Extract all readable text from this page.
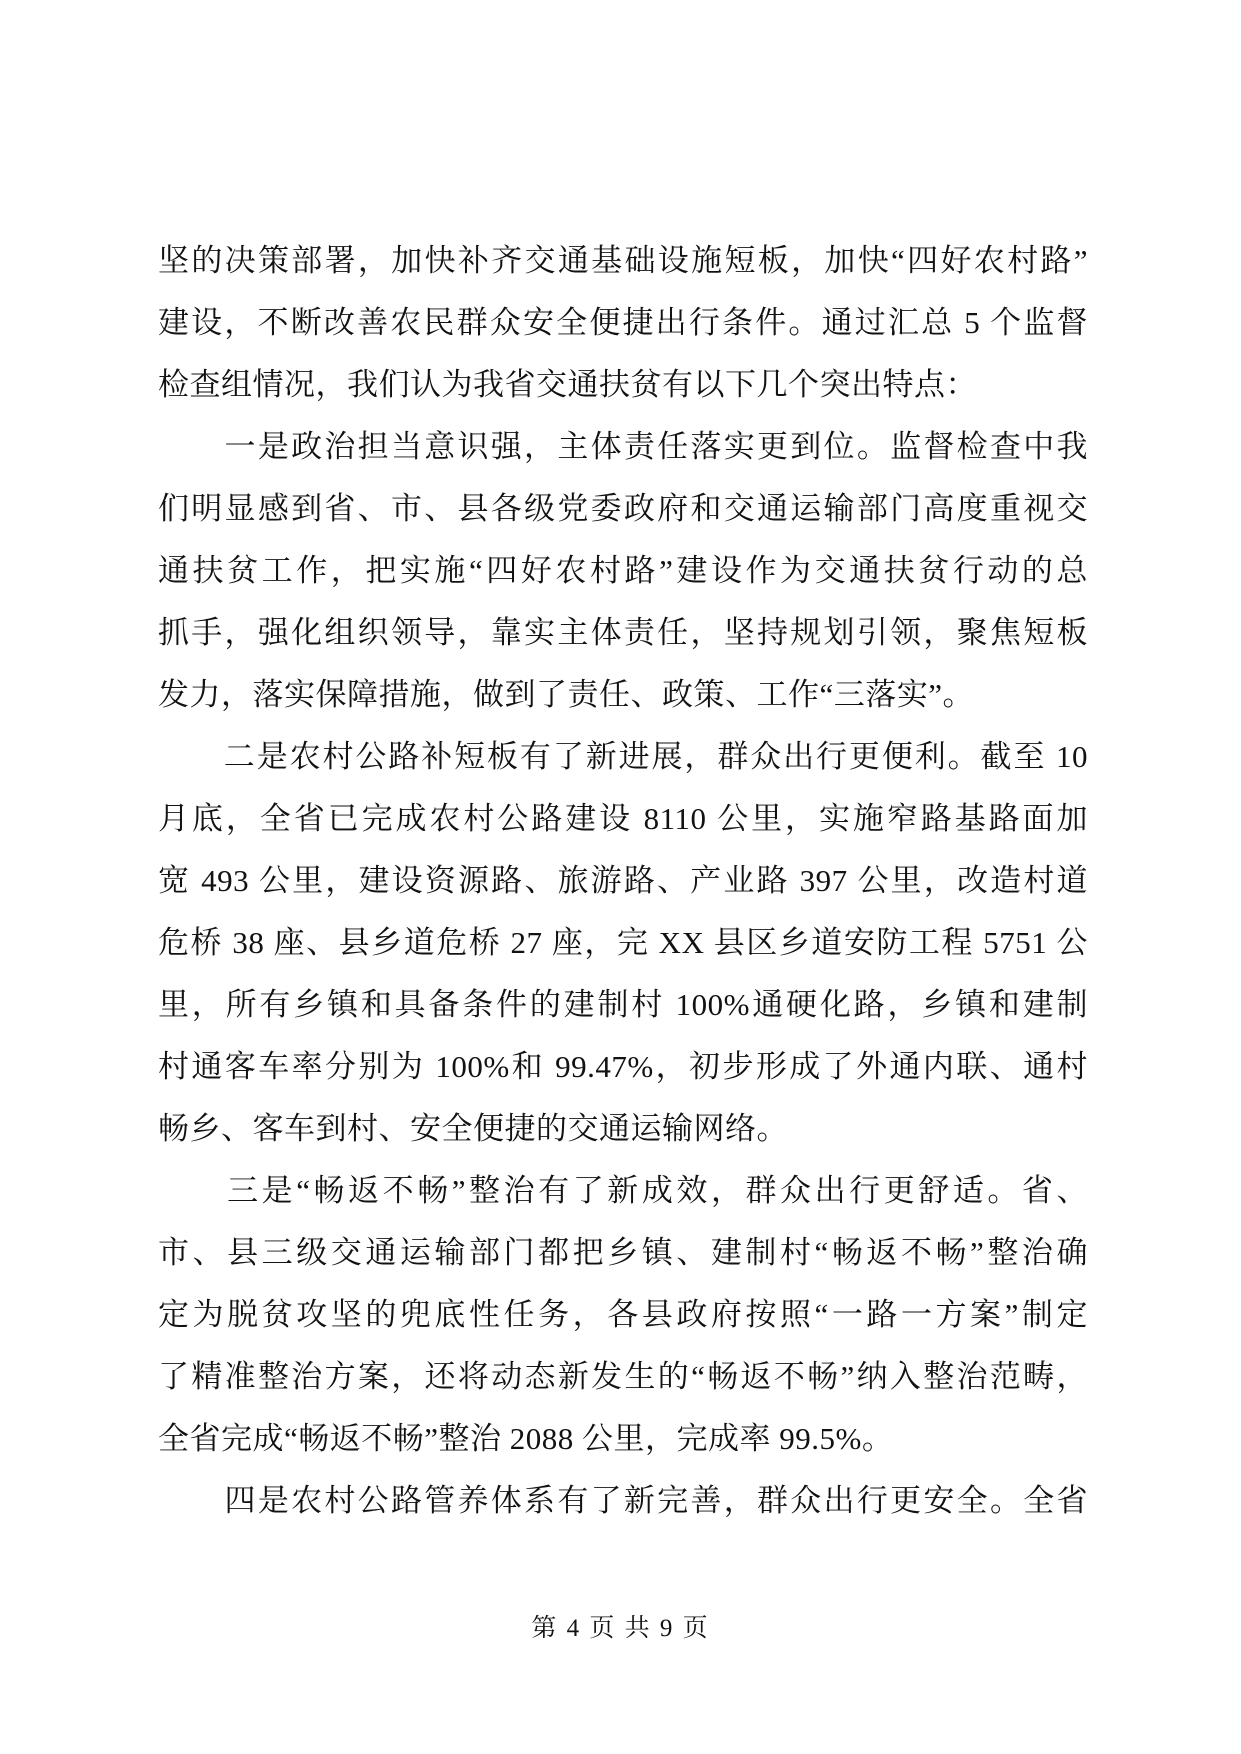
坚的决策部署，加快补齐交通基础设施短板，加快“四好农村路”
建设，不断改善农民群众安全便捷出行条件。通过汇总 5 个监督
检查组情况，我们认为我省交通扶贫有以下几个突出特点：
　　一是政治担当意识强，主体责任落实更到位。监督检查中我
们明显感到省、市、县各级党委政府和交通运输部门高度重视交
通扶贫工作，把实施“四好农村路”建设作为交通扶贫行动的总
抓手，强化组织领导，靠实主体责任，坚持规划引领，聚焦短板
发力，落实保障措施，做到了责任、政策、工作“三落实”。
　　二是农村公路补短板有了新进展，群众出行更便利。截至 10
月底，全省已完成农村公路建设 8110 公里，实施窄路基路面加
宽 493 公里，建设资源路、旅游路、产业路 397 公里，改造村道
危桥 38 座、县乡道危桥 27 座，完 XX 县区乡道安防工程 5751 公
里，所有乡镇和具备条件的建制村 100%通硬化路，乡镇和建制
村通客车率分别为 100%和 99.47%，初步形成了外通内联、通村
畅乡、客车到村、安全便捷的交通运输网络。
　　三是“畅返不畅”整治有了新成效，群众出行更舒适。省、
市、县三级交通运输部门都把乡镇、建制村“畅返不畅”整治确
定为脱贫攻坚的兜底性任务，各县政府按照“一路一方案”制定
了精准整治方案，还将动态新发生的“畅返不畅”纳入整治范畴，
全省完成“畅返不畅”整治 2088 公里，完成率 99.5%。
　　四是农村公路管养体系有了新完善，群众出行更安全。全省
第 4 页 共 9 页
